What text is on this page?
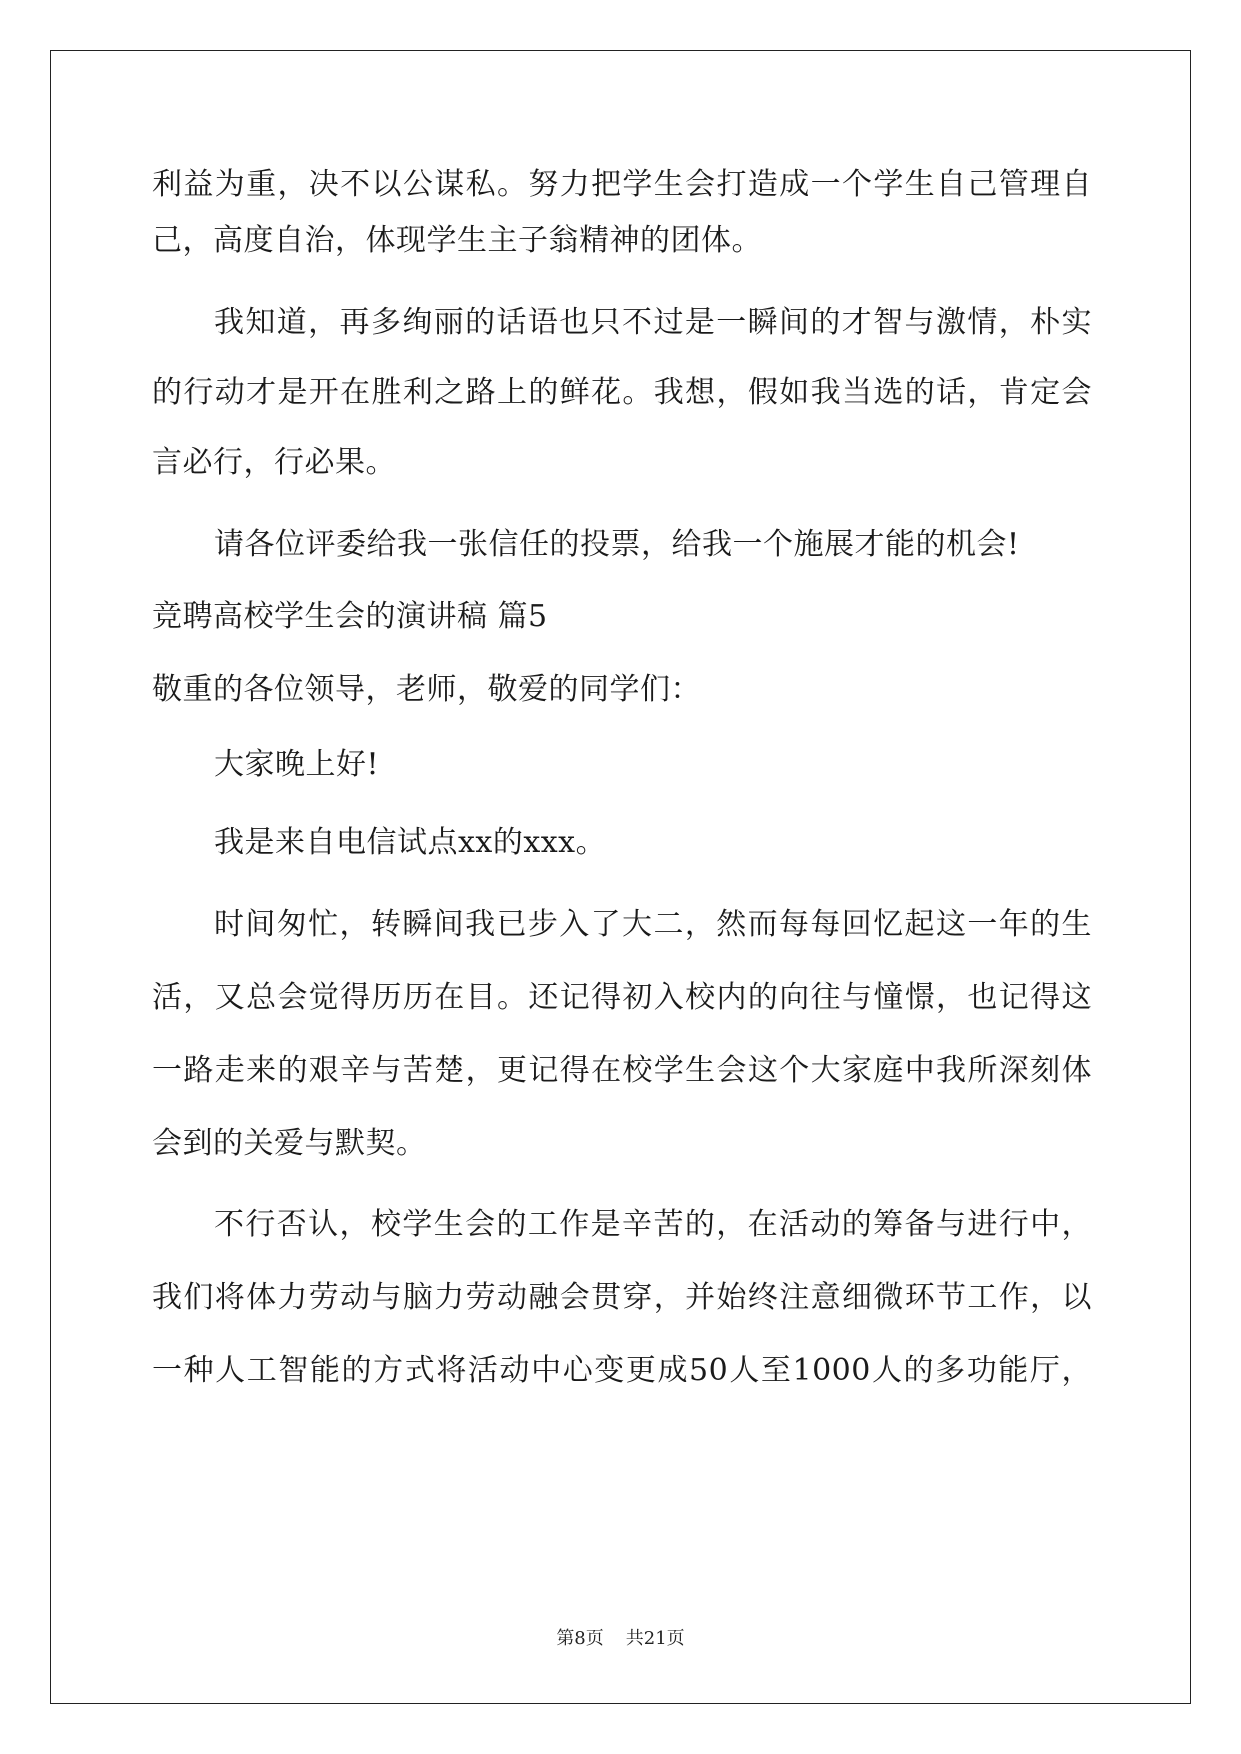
利益为重，决不以公谋私。努力把学生会打造成一个学生自己管理自

己，高度自治，体现学生主子翁精神的团体。

我知道，再多绚丽的话语也只不过是一瞬间的才智与激情，朴实

的行动才是开在胜利之路上的鲜花。我想，假如我当选的话，肯定会

言必行，行必果。

请各位评委给我一张信任的投票，给我一个施展才能的机会!

竞聘高校学生会的演讲稿 篇5

敬重的各位领导，老师，敬爱的同学们：

大家晚上好!

我是来自电信试点xx的xxx。

时间匆忙，转瞬间我已步入了大二，然而每每回忆起这一年的生

活，又总会觉得历历在目。还记得初入校内的向往与憧憬，也记得这

一路走来的艰辛与苦楚，更记得在校学生会这个大家庭中我所深刻体

会到的关爱与默契。

不行否认，校学生会的工作是辛苦的，在活动的筹备与进行中，

我们将体力劳动与脑力劳动融会贯穿，并始终注意细微环节工作，以

一种人工智能的方式将活动中心变更成50人至1000人的多功能厅，

第8页 共21页
